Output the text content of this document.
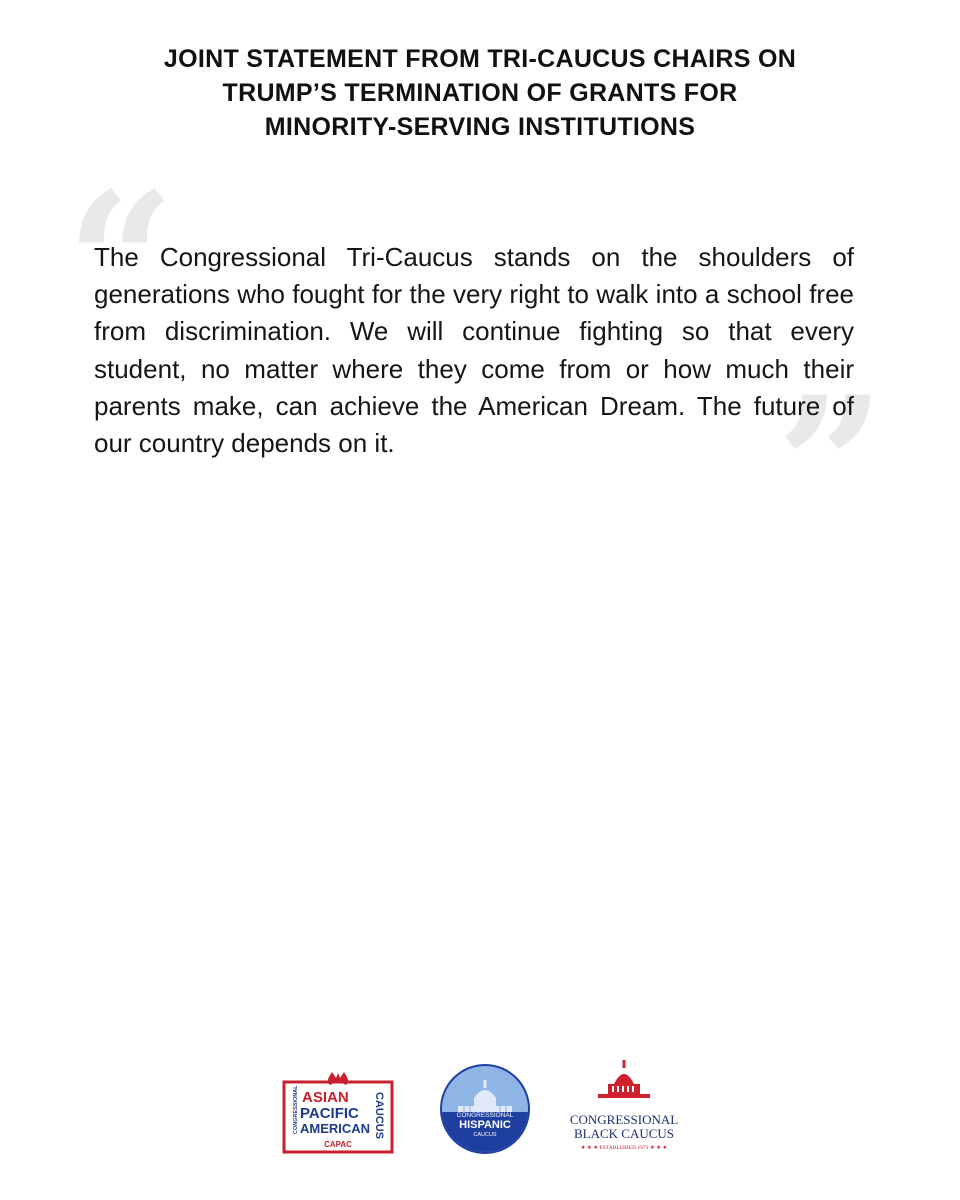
JOINT STATEMENT FROM TRI-CAUCUS CHAIRS ON
TRUMP’S TERMINATION OF GRANTS FOR
MINORITY-SERVING INSTITUTIONS
“
”

The Congressional Tri-Caucus stands on the shoulders of generations who fought for the very right to walk into a school free from discrimination. We will continue fighting so that every student, no matter where they come from or how much their parents make, can achieve the American Dream. The future of our country depends on it.

CONGRESSIONAL ASIAN
PACIFIC
AMERICAN CAUCUS
CAPAC
CONGRESSIONAL
HISPANIC
CAUCUS
CONGRESSIONAL
BLACK CAUCUS
★ ★ ★ ESTABLISHED 1971 ★ ★ ★
